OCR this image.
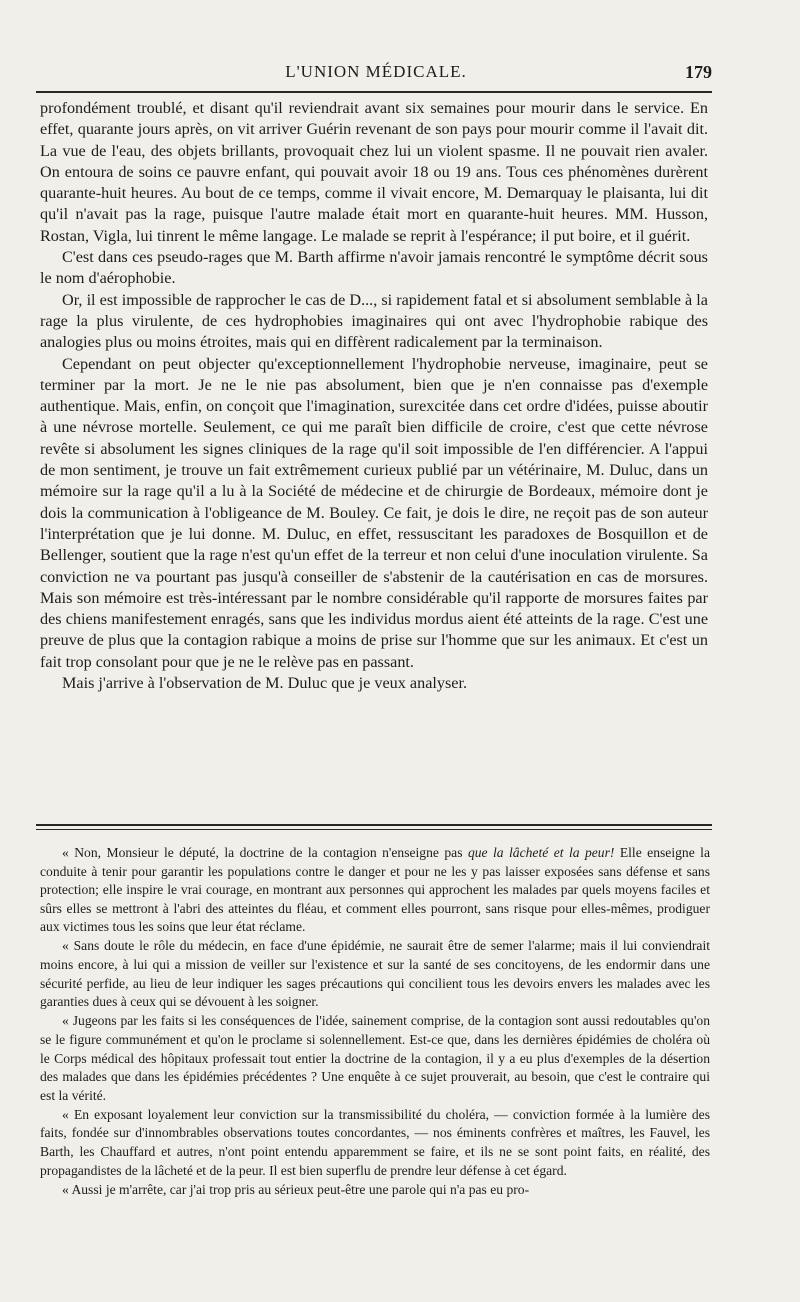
L'UNION MÉDICALE.	179

profondément troublé, et disant qu'il reviendrait avant six semaines pour mourir dans le service. En effet, quarante jours après, on vit arriver Guérin revenant de son pays pour mourir comme il l'avait dit. La vue de l'eau, des objets brillants, provoquait chez lui un violent spasme. Il ne pouvait rien avaler. On entoura de soins ce pauvre enfant, qui pouvait avoir 18 ou 19 ans. Tous ces phénomènes durèrent quarante-huit heures. Au bout de ce temps, comme il vivait encore, M. Demarquay le plaisanta, lui dit qu'il n'avait pas la rage, puisque l'autre malade était mort en quarante-huit heures. MM. Husson, Rostan, Vigla, lui tinrent le même langage. Le malade se reprit à l'espérance; il put boire, et il guérit.

C'est dans ces pseudo-rages que M. Barth affirme n'avoir jamais rencontré le symptôme décrit sous le nom d'aérophobie.

Or, il est impossible de rapprocher le cas de D..., si rapidement fatal et si absolument semblable à la rage la plus virulente, de ces hydrophobies imaginaires qui ont avec l'hydrophobie rabique des analogies plus ou moins étroites, mais qui en diffèrent radicalement par la terminaison.

Cependant on peut objecter qu'exceptionnellement l'hydrophobie nerveuse, imaginaire, peut se terminer par la mort. Je ne le nie pas absolument, bien que je n'en connaisse pas d'exemple authentique. Mais, enfin, on conçoit que l'imagination, surexcitée dans cet ordre d'idées, puisse aboutir à une névrose mortelle. Seulement, ce qui me paraît bien difficile de croire, c'est que cette névrose revête si absolument les signes cliniques de la rage qu'il soit impossible de l'en différencier. A l'appui de mon sentiment, je trouve un fait extrêmement curieux publié par un vétérinaire, M. Duluc, dans un mémoire sur la rage qu'il a lu à la Société de médecine et de chirurgie de Bordeaux, mémoire dont je dois la communication à l'obligeance de M. Bouley. Ce fait, je dois le dire, ne reçoit pas de son auteur l'interprétation que je lui donne. M. Duluc, en effet, ressuscitant les paradoxes de Bosquillon et de Bellenger, soutient que la rage n'est qu'un effet de la terreur et non celui d'une inoculation virulente. Sa conviction ne va pourtant pas jusqu'à conseiller de s'abstenir de la cautérisation en cas de morsures. Mais son mémoire est très-intéressant par le nombre considérable qu'il rapporte de morsures faites par des chiens manifestement enragés, sans que les individus mordus aient été atteints de la rage. C'est une preuve de plus que la contagion rabique a moins de prise sur l'homme que sur les animaux. Et c'est un fait trop consolant pour que je ne le relève pas en passant.

Mais j'arrive à l'observation de M. Duluc que je veux analyser.

« Non, Monsieur le député, la doctrine de la contagion n'enseigne pas que la lâcheté et la peur! Elle enseigne la conduite à tenir pour garantir les populations contre le danger et pour ne les y pas laisser exposées sans défense et sans protection; elle inspire le vrai courage, en montrant aux personnes qui approchent les malades par quels moyens faciles et sûrs elles se mettront à l'abri des atteintes du fléau, et comment elles pourront, sans risque pour elles-mêmes, prodiguer aux victimes tous les soins que leur état réclame.

« Sans doute le rôle du médecin, en face d'une épidémie, ne saurait être de semer l'alarme; mais il lui conviendrait moins encore, à lui qui a mission de veiller sur l'existence et sur la santé de ses concitoyens, de les endormir dans une sécurité perfide, au lieu de leur indiquer les sages précautions qui concilient tous les devoirs envers les malades avec les garanties dues à ceux qui se dévouent à les soigner.

« Jugeons par les faits si les conséquences de l'idée, sainement comprise, de la contagion sont aussi redoutables qu'on se le figure communément et qu'on le proclame si solennellement. Est-ce que, dans les dernières épidémies de choléra où le Corps médical des hôpitaux professait tout entier la doctrine de la contagion, il y a eu plus d'exemples de la désertion des malades que dans les épidémies précédentes ? Une enquête à ce sujet prouverait, au besoin, que c'est le contraire qui est la vérité.

« En exposant loyalement leur conviction sur la transmissibilité du choléra, — conviction formée à la lumière des faits, fondée sur d'innombrables observations toutes concordantes, — nos éminents confrères et maîtres, les Fauvel, les Barth, les Chauffard et autres, n'ont point entendu apparemment se faire, et ils ne se sont point faits, en réalité, des propagandistes de la lâcheté et de la peur. Il est bien superflu de prendre leur défense à cet égard.

« Aussi je m'arrête, car j'ai trop pris au sérieux peut-être une parole qui n'a pas eu pro-
